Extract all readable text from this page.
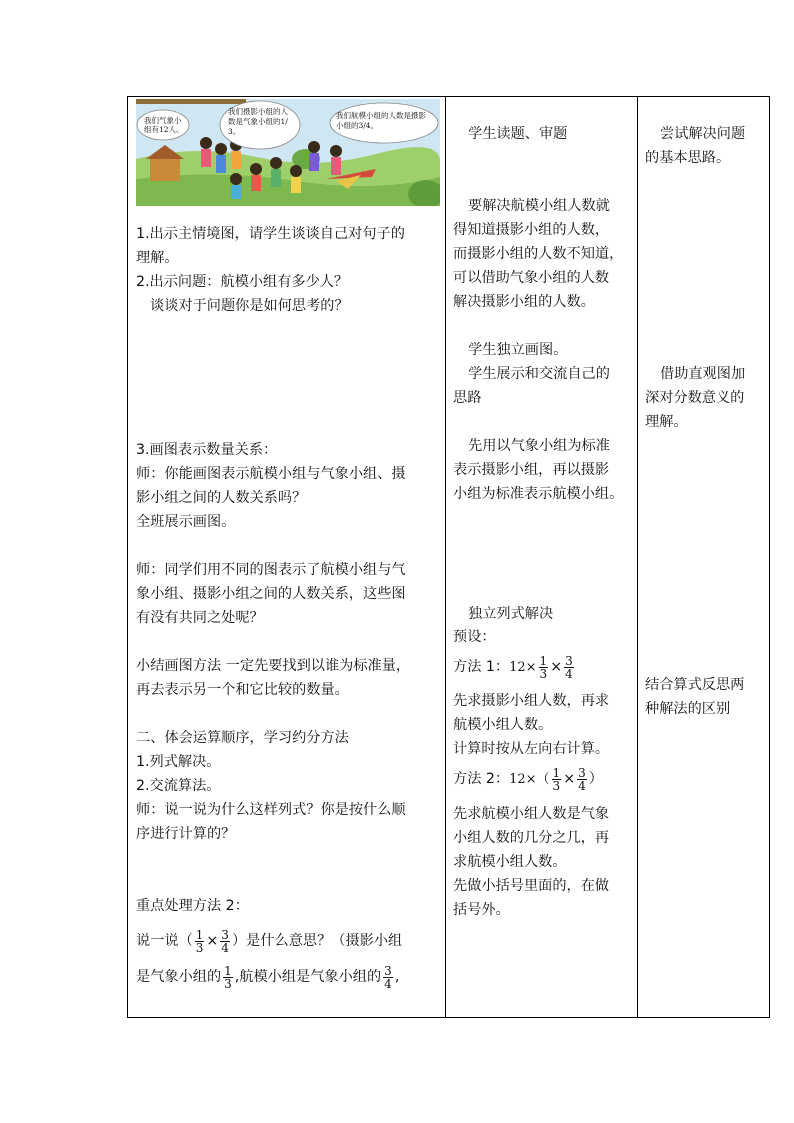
我们气象小组有12人。
我们摄影小组的人数是气象小组的1/3。
我们航模小组的人数是摄影小组的3/4。
1.出示主情境图，请学生谈谈自己对句子的
理解。
2.出示问题：航模小组有多少人？
谈谈对于问题你是如何思考的？
3.画图表示数量关系：
师：你能画图表示航模小组与气象小组、摄
影小组之间的人数关系吗？
全班展示画图。
师：同学们用不同的图表示了航模小组与气
象小组、摄影小组之间的人数关系，这些图
有没有共同之处呢？
小结画图方法 一定先要找到以谁为标准量，
再去表示另一个和它比较的数量。
二、体会运算顺序，学习约分方法
1.列式解决。
2.交流算法。
师：说一说为什么这样列式？你是按什么顺
序进行计算的？
重点处理方法 2：
说一说（ $\frac{1}{3} \times \frac{3}{4}$ ）是什么意思？（摄影小组
是气象小组的 $\frac{1}{3}$ ,航模小组是气象小组的 $\frac{3}{4}$ ,
学生读题、审题
要解决航模小组人数就
得知道摄影小组的人数，
而摄影小组的人数不知道，
可以借助气象小组的人数
解决摄影小组的人数。
学生独立画图。
学生展示和交流自己的
思路
先用以气象小组为标准
表示摄影小组，再以摄影
小组为标准表示航模小组。
独立列式解决
预设：
方法 1：$12\times \frac{1}{3} \times \frac{3}{4}$
先求摄影小组人数，再求
航模小组人数。
计算时按从左向右计算。
方法 2：$12\times( \frac{1}{3} \times \frac{3}{4}$ ）
先求航模小组人数是气象
小组人数的几分之几，再
求航模小组人数。
先做小括号里面的，在做
括号外。
尝试解决问题
的基本思路。
借助直观图加
深对分数意义的
理解。
结合算式反思两
种解法的区别
